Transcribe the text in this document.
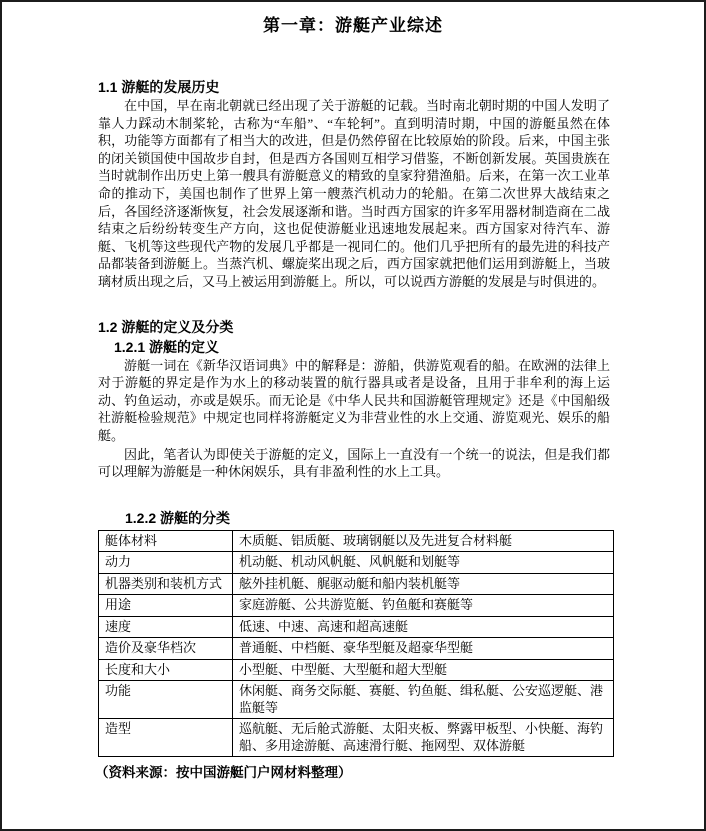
第一章：游艇产业综述
1.1 游艇的发展历史

在中国，早在南北朝就已经出现了关于游艇的记载。当时南北朝时期的中国人发明了靠人力踩动木制桨轮，古称为“车船”、“车轮轲”。直到明清时期，中国的游艇虽然在体积，功能等方面都有了相当大的改进，但是仍然停留在比较原始的阶段。后来，中国主张的闭关锁国使中国故步自封，但是西方各国则互相学习借鉴，不断创新发展。英国贵族在当时就制作出历史上第一艘具有游艇意义的精致的皇家狩猎渔船。后来，在第一次工业革命的推动下，美国也制作了世界上第一艘蒸汽机动力的轮船。在第二次世界大战结束之后，各国经济逐渐恢复，社会发展逐渐和谐。当时西方国家的许多军用器材制造商在二战结束之后纷纷转变生产方向，这也促使游艇业迅速地发展起来。西方国家对待汽车、游艇、飞机等这些现代产物的发展几乎都是一视同仁的。他们几乎把所有的最先进的科技产品都装备到游艇上。当蒸汽机、螺旋桨出现之后，西方国家就把他们运用到游艇上，当玻璃材质出现之后，又马上被运用到游艇上。所以，可以说西方游艇的发展是与时俱进的。

1.2 游艇的定义及分类
1.2.1 游艇的定义

游艇一词在《新华汉语词典》中的解释是：游船，供游览观看的船。在欧洲的法律上对于游艇的界定是作为水上的移动装置的航行器具或者是设备，且用于非牟利的海上运动、钓鱼运动，亦或是娱乐。而无论是《中华人民共和国游艇管理规定》还是《中国船级社游艇检验规范》中规定也同样将游艇定义为非营业性的水上交通、游览观光、娱乐的船艇。

因此，笔者认为即使关于游艇的定义，国际上一直没有一个统一的说法，但是我们都可以理解为游艇是一种休闲娱乐，具有非盈利性的水上工具。

1.2.2 游艇的分类
艇体材料	木质艇、铝质艇、玻璃钢艇以及先进复合材料艇
动力	机动艇、机动风帆艇、风帆艇和划艇等
机器类别和装机方式	舷外挂机艇、艉驱动艇和船内装机艇等
用途	家庭游艇、公共游览艇、钓鱼艇和赛艇等
速度	低速、中速、高速和超高速艇
造价及豪华档次	普通艇、中档艇、豪华型艇及超豪华型艇
长度和大小	小型艇、中型艇、大型艇和超大型艇
功能	休闲艇、商务交际艇、赛艇、钓鱼艇、缉私艇、公安巡逻艇、港监艇等
造型	巡航艇、无后舱式游艇、太阳夹板、弊露甲板型、小快艇、海钓船、多用途游艇、高速滑行艇、拖网型、双体游艇
（资料来源：按中国游艇门户网材料整理）
